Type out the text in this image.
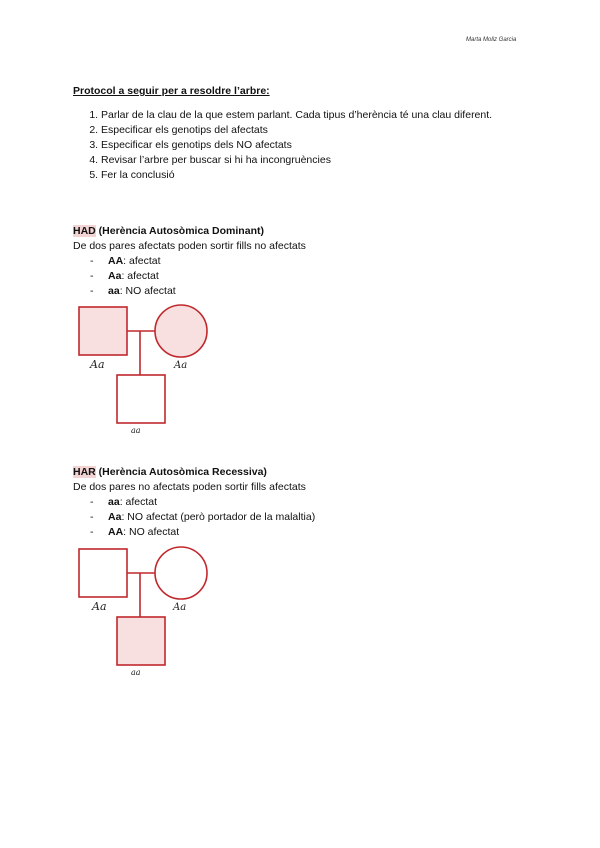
Marta Moliz Garcia
Protocol a seguir per a resoldre l’arbre:
1. Parlar de la clau de la que estem parlant. Cada tipus d’herència té una clau diferent.
2. Especificar els genotips del afectats
3. Especificar els genotips dels NO afectats
4. Revisar l’arbre per buscar si hi ha incongruències
5. Fer la conclusió
HAD (Herència Autosòmica Dominant)
De dos pares afectats poden sortir fills no afectats
- AA: afectat
- Aa: afectat
- aa: NO afectat
Aa	Aa
aa
HAR (Herència Autosòmica Recessiva)
De dos pares no afectats poden sortir fills afectats
- aa: afectat
- Aa: NO afectat (però portador de la malaltia)
- AA: NO afectat
Aa	Aa
aa
